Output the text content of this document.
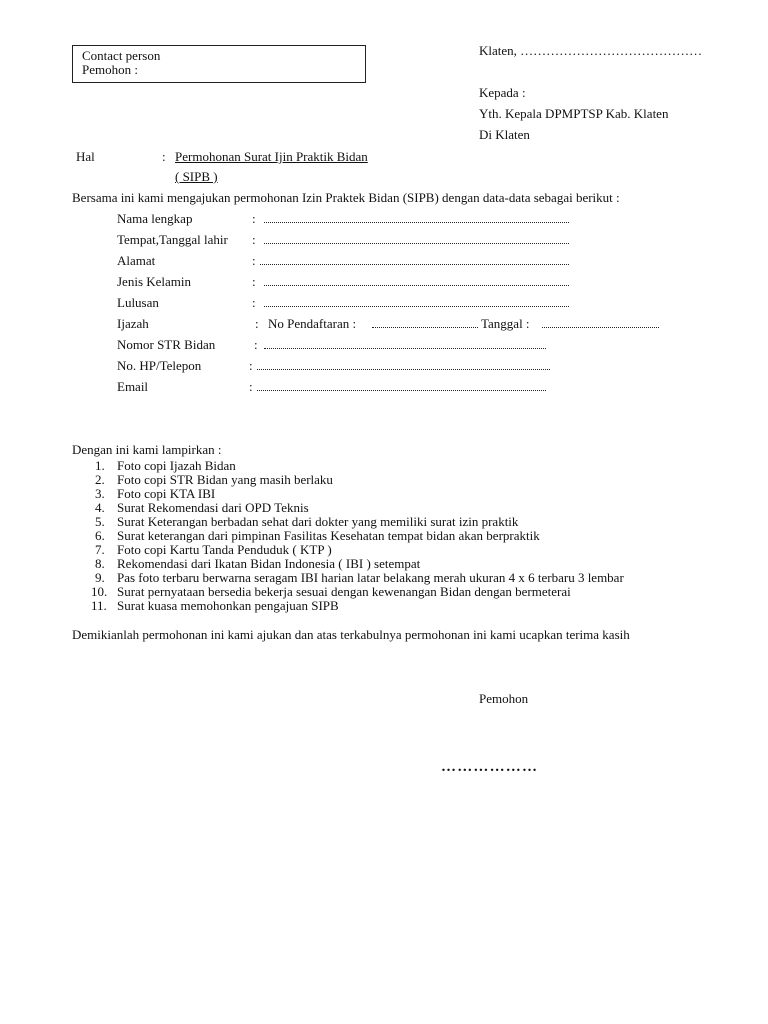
Contact person
Pemohon :
Klaten, ……………………………………
Kepada :
Yth. Kepala DPMPTSP Kab. Klaten
Di Klaten
Hal	: Permohonan Surat Ijin Praktik Bidan
( SIPB )
Bersama ini kami mengajukan permohonan Izin Praktek Bidan (SIPB) dengan data-data sebagai berikut :
Nama lengkap	:
Tempat,Tanggal lahir :
Alamat	:
Jenis Kelamin	:
Lulusan	:
Ijazah	: No Pendaftaran :	Tanggal :
Nomor STR Bidan	:
No. HP/Telepon	:
Email	:
Dengan ini kami lampirkan :
1. Foto copi Ijazah Bidan
2. Foto copi STR Bidan yang masih berlaku
3. Foto copi KTA IBI
4. Surat Rekomendasi dari OPD Teknis
5. Surat Keterangan berbadan sehat dari dokter yang memiliki surat izin praktik
6. Surat keterangan dari pimpinan Fasilitas Kesehatan tempat bidan akan berpraktik
7. Foto copi Kartu Tanda Penduduk ( KTP )
8. Rekomendasi dari Ikatan Bidan Indonesia ( IBI ) setempat
9. Pas foto terbaru berwarna seragam IBI harian latar belakang merah ukuran 4 x 6 terbaru 3 lembar
10. Surat pernyataan bersedia bekerja sesuai dengan kewenangan Bidan dengan bermeterai
11. Surat kuasa memohonkan pengajuan SIPB
Demikianlah permohonan ini kami ajukan dan atas terkabulnya permohonan ini kami ucapkan terima kasih
Pemohon
………………
